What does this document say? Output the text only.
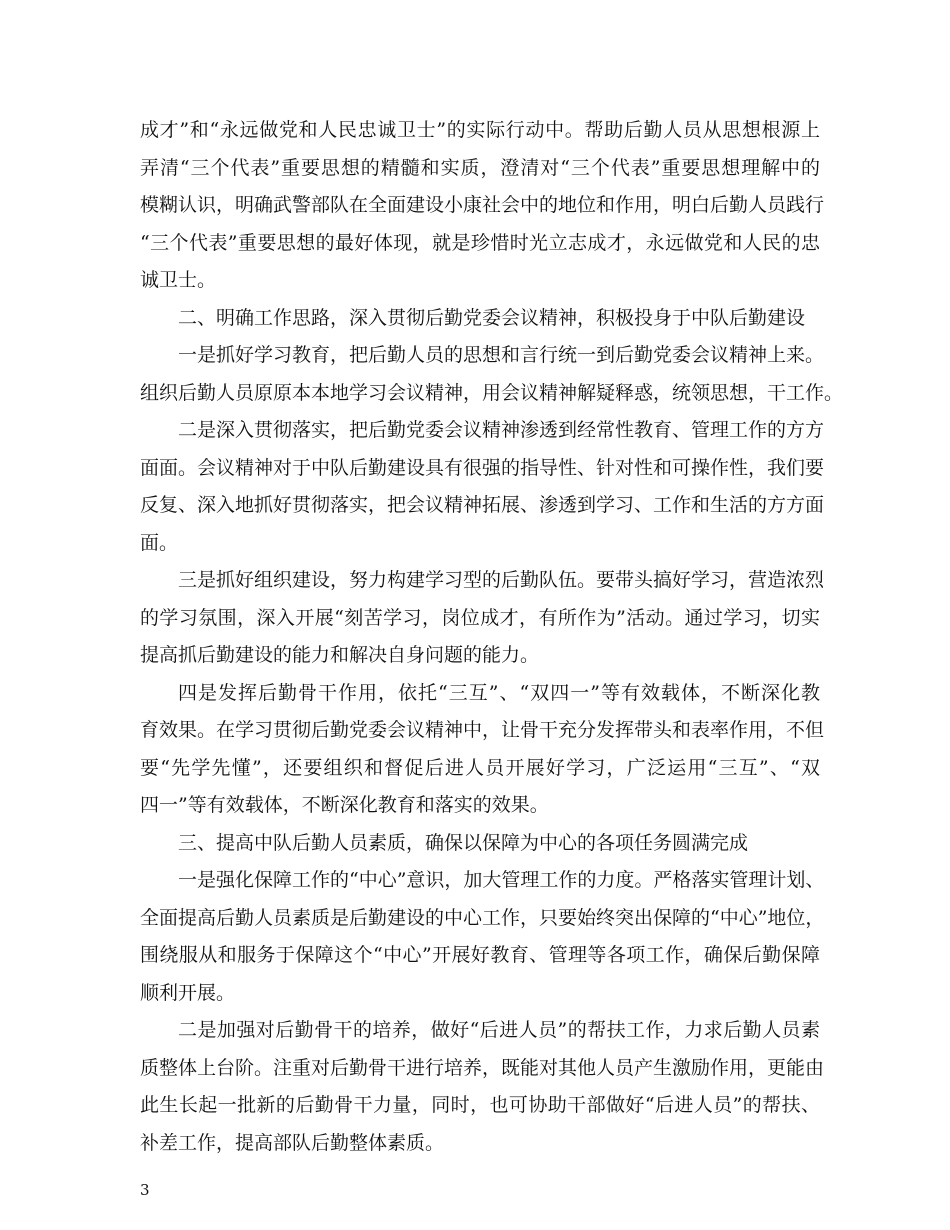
成才”和“永远做党和人民忠诚卫士”的实际行动中。帮助后勤人员从思想根源上
弄清“三个代表”重要思想的精髓和实质，澄清对“三个代表”重要思想理解中的
模糊认识，明确武警部队在全面建设小康社会中的地位和作用，明白后勤人员践行
“三个代表”重要思想的最好体现，就是珍惜时光立志成才，永远做党和人民的忠
诚卫士。
二、明确工作思路，深入贯彻后勤党委会议精神，积极投身于中队后勤建设
一是抓好学习教育，把后勤人员的思想和言行统一到后勤党委会议精神上来。
组织后勤人员原原本本地学习会议精神，用会议精神解疑释惑，统领思想，干工作。
二是深入贯彻落实，把后勤党委会议精神渗透到经常性教育、管理工作的方方
面面。会议精神对于中队后勤建设具有很强的指导性、针对性和可操作性，我们要
反复、深入地抓好贯彻落实，把会议精神拓展、渗透到学习、工作和生活的方方面
面。
三是抓好组织建设，努力构建学习型的后勤队伍。要带头搞好学习，营造浓烈
的学习氛围，深入开展“刻苦学习，岗位成才，有所作为”活动。通过学习，切实
提高抓后勤建设的能力和解决自身问题的能力。
四是发挥后勤骨干作用，依托“三互”、“双四一”等有效载体，不断深化教
育效果。在学习贯彻后勤党委会议精神中，让骨干充分发挥带头和表率作用，不但
要“先学先懂”，还要组织和督促后进人员开展好学习，广泛运用“三互”、“双
四一”等有效载体，不断深化教育和落实的效果。
三、提高中队后勤人员素质，确保以保障为中心的各项任务圆满完成
一是强化保障工作的“中心”意识，加大管理工作的力度。严格落实管理计划、
全面提高后勤人员素质是后勤建设的中心工作，只要始终突出保障的“中心”地位，
围绕服从和服务于保障这个“中心”开展好教育、管理等各项工作，确保后勤保障
顺利开展。
二是加强对后勤骨干的培养，做好“后进人员”的帮扶工作，力求后勤人员素
质整体上台阶。注重对后勤骨干进行培养，既能对其他人员产生激励作用，更能由
此生长起一批新的后勤骨干力量，同时，也可协助干部做好“后进人员”的帮扶、
补差工作，提高部队后勤整体素质。
3
